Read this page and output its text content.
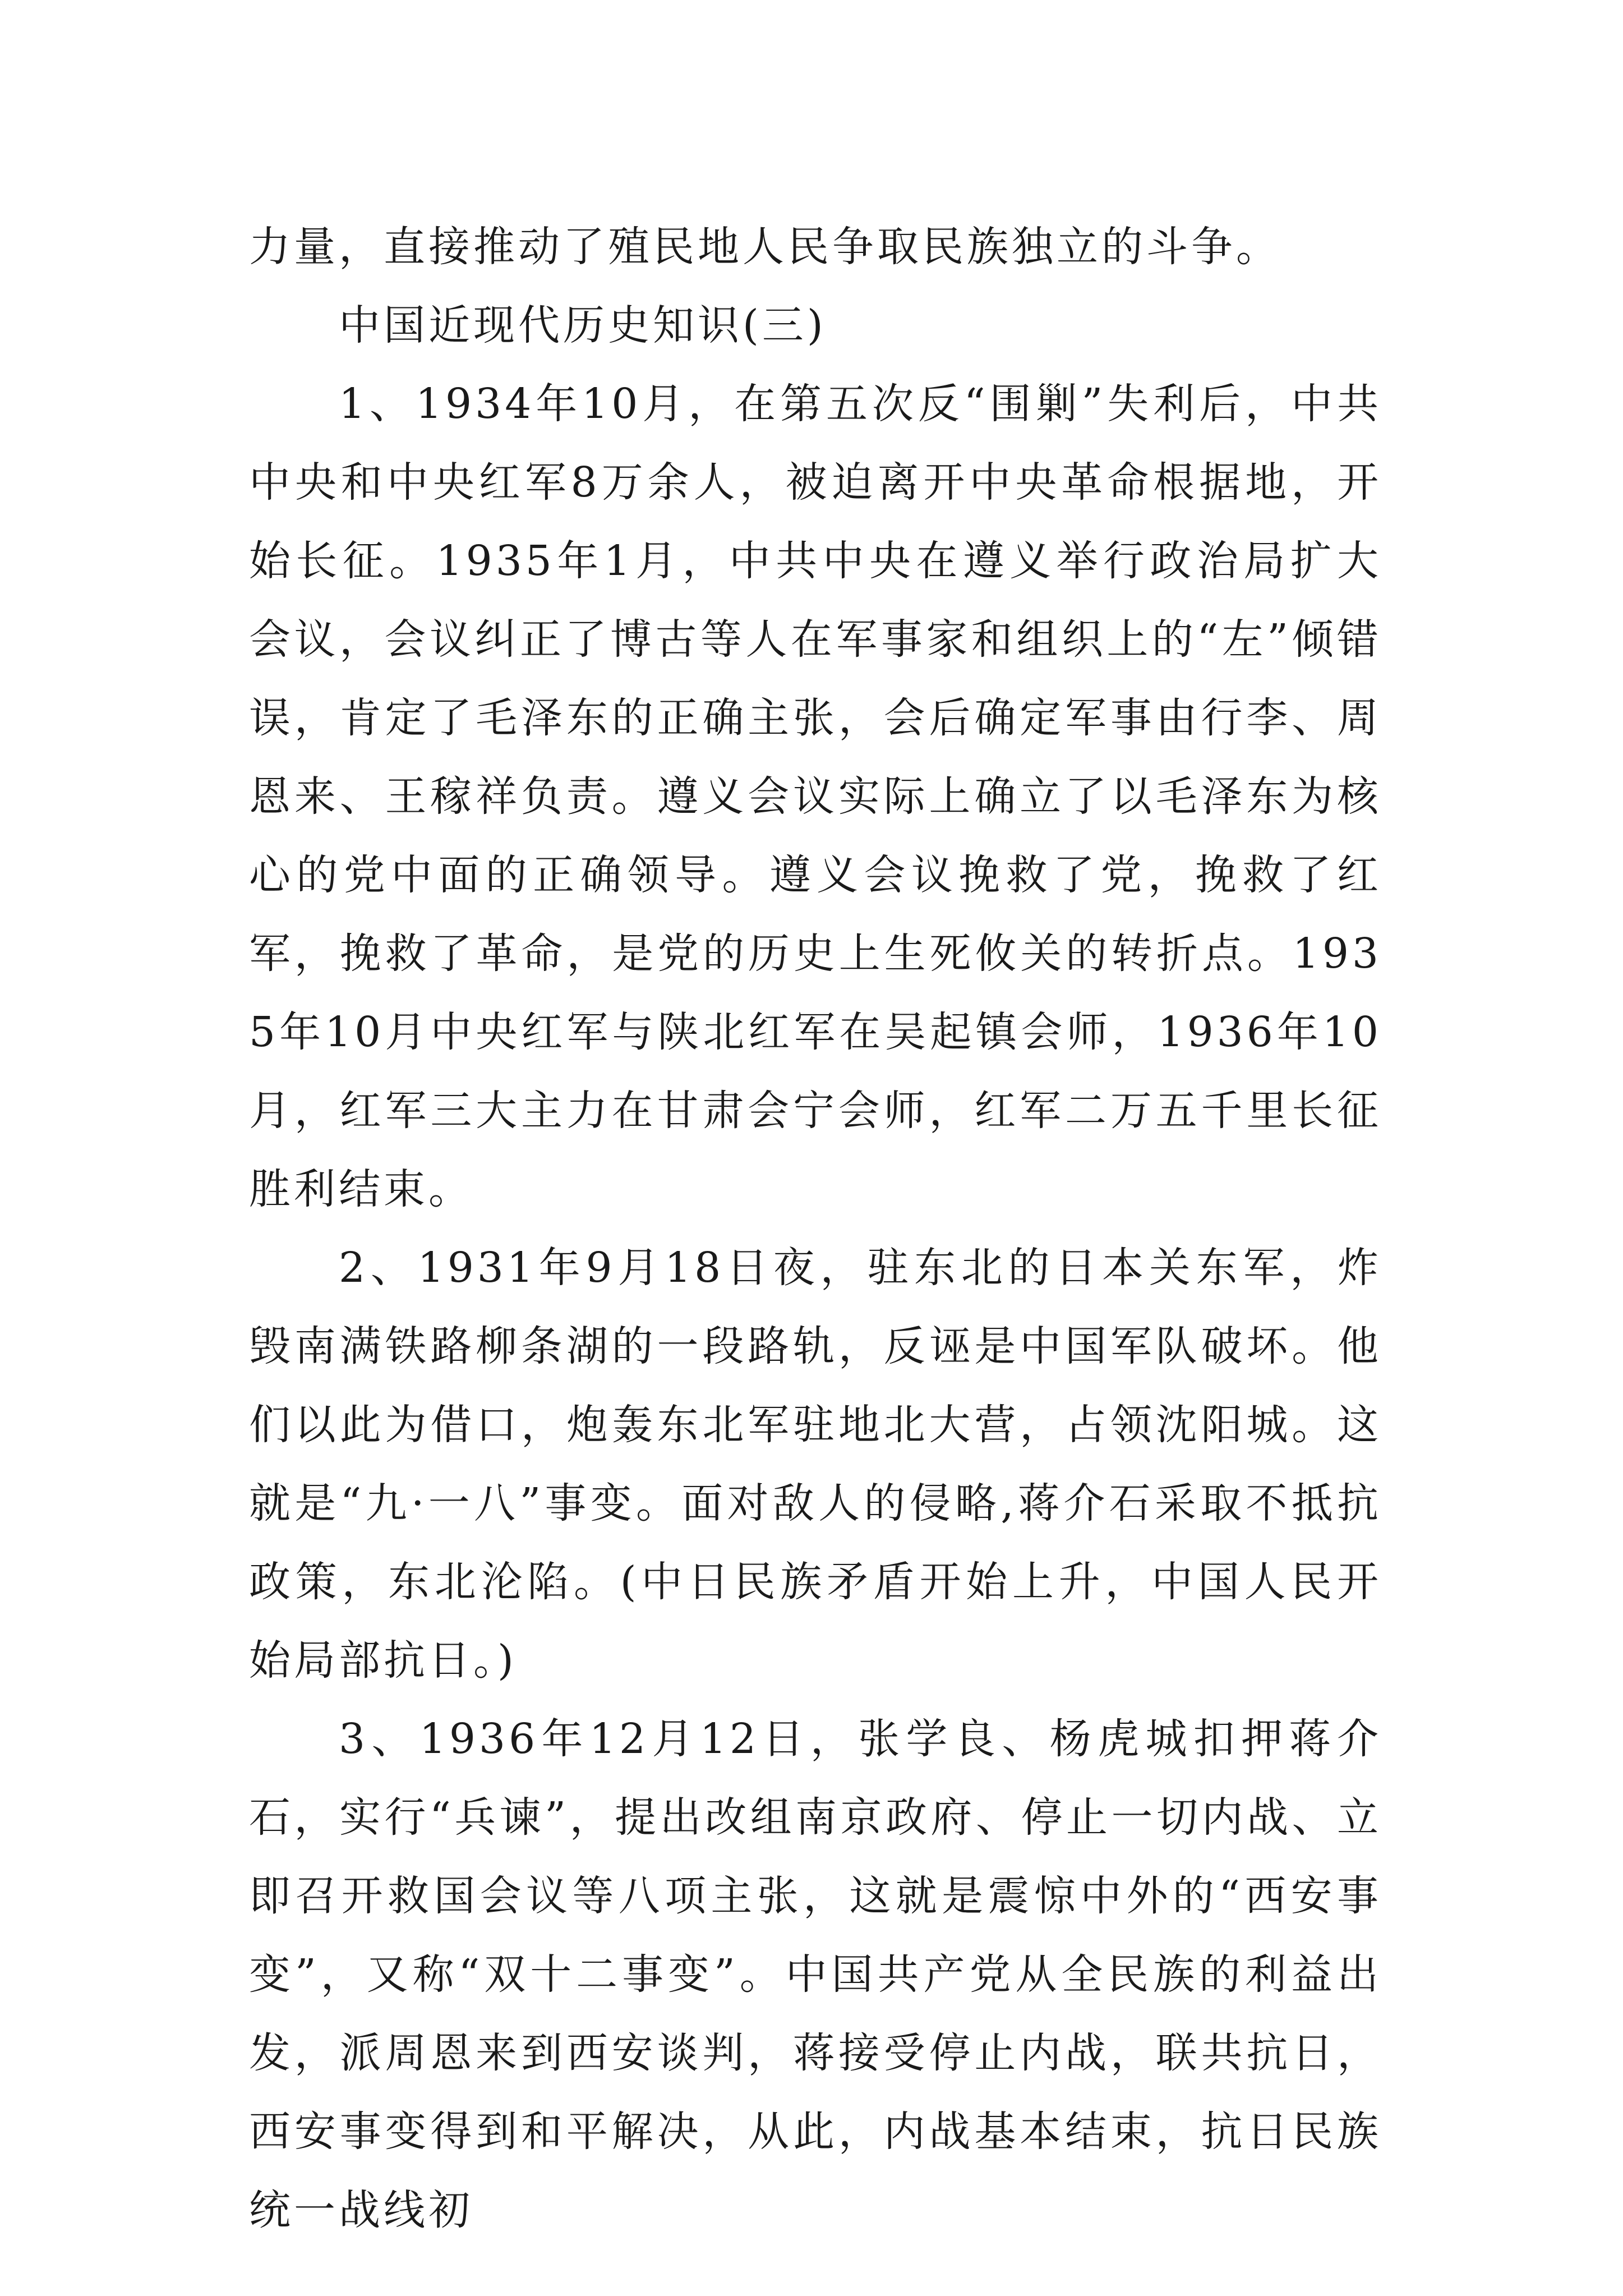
力量，直接推动了殖民地人民争取民族独立的斗争。

中国近现代历史知识(三)

1、1934年10月，在第五次反“围剿”失利后，中共中央和中央红军8万余人，被迫离开中央革命根据地，开始长征。1935年1月，中共中央在遵义举行政治局扩大会议，会议纠正了博古等人在军事家和组织上的“左”倾错误，肯定了毛泽东的正确主张，会后确定军事由行李、周恩来、王稼祥负责。遵义会议实际上确立了以毛泽东为核心的党中面的正确领导。遵义会议挽救了党，挽救了红军，挽救了革命，是党的历史上生死攸关的转折点。1935年10月中央红军与陕北红军在吴起镇会师，1936年10月，红军三大主力在甘肃会宁会师，红军二万五千里长征胜利结束。

2、1931年9月18日夜，驻东北的日本关东军，炸毁南满铁路柳条湖的一段路轨，反诬是中国军队破坏。他们以此为借口，炮轰东北军驻地北大营，占领沈阳城。这就是“九·一八”事变。面对敌人的侵略,蒋介石采取不抵抗政策，东北沦陷。(中日民族矛盾开始上升，中国人民开始局部抗日。)

3、1936年12月12日，张学良、杨虎城扣押蒋介石，实行“兵谏”，提出改组南京政府、停止一切内战、立即召开救国会议等八项主张，这就是震惊中外的“西安事变”，又称“双十二事变”。中国共产党从全民族的利益出发，派周恩来到西安谈判，蒋接受停止内战，联共抗日，西安事变得到和平解决，从此，内战基本结束，抗日民族统一战线初
